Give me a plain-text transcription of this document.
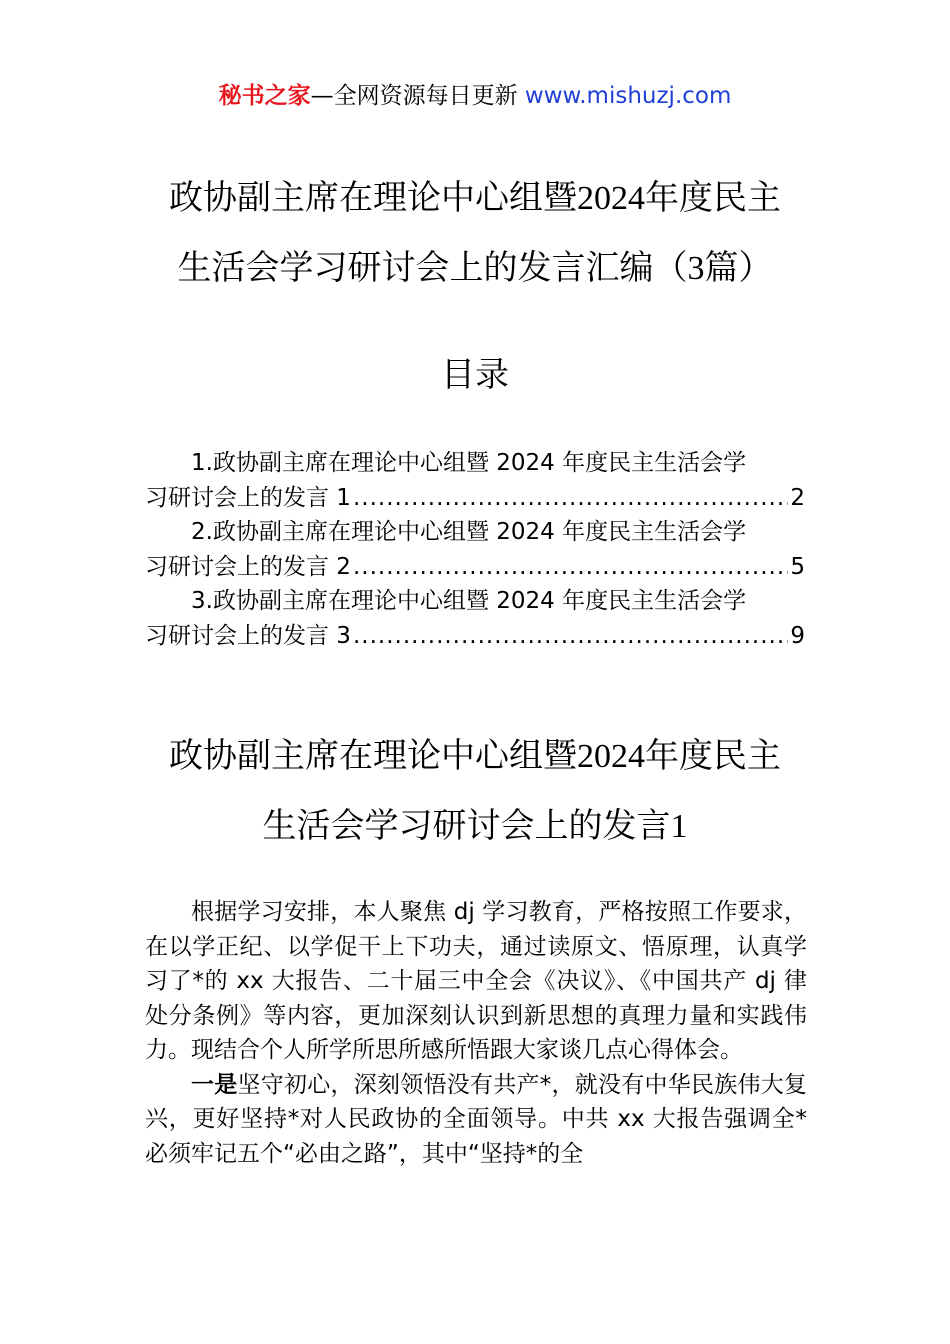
秘书之家—全网资源每日更新 www.mishuzj.com
政协副主席在理论中心组暨2024年度民主
生活会学习研讨会上的发言汇编（3篇）
目录
1.政协副主席在理论中心组暨 2024 年度民主生活会学
习研讨会上的发言 1 .....	2
2.政协副主席在理论中心组暨 2024 年度民主生活会学
习研讨会上的发言 2 .....	5
3.政协副主席在理论中心组暨 2024 年度民主生活会学
习研讨会上的发言 3 .....	9
政协副主席在理论中心组暨2024年度民主
生活会学习研讨会上的发言1

根据学习安排，本人聚焦 dj 学习教育，严格按照工作要求，在以学正纪、以学促干上下功夫，通过读原文、悟原理，认真学习了*的 xx 大报告、二十届三中全会《决议》、《中国共产 dj 律处分条例》等内容，更加深刻认识到新思想的真理力量和实践伟力。现结合个人所学所思所感所悟跟大家谈几点心得体会。

一是坚守初心，深刻领悟没有共产*，就没有中华民族伟大复兴，更好坚持*对人民政协的全面领导。中共 xx 大报告强调全*必须牢记五个“必由之路”，其中“坚持*的全
